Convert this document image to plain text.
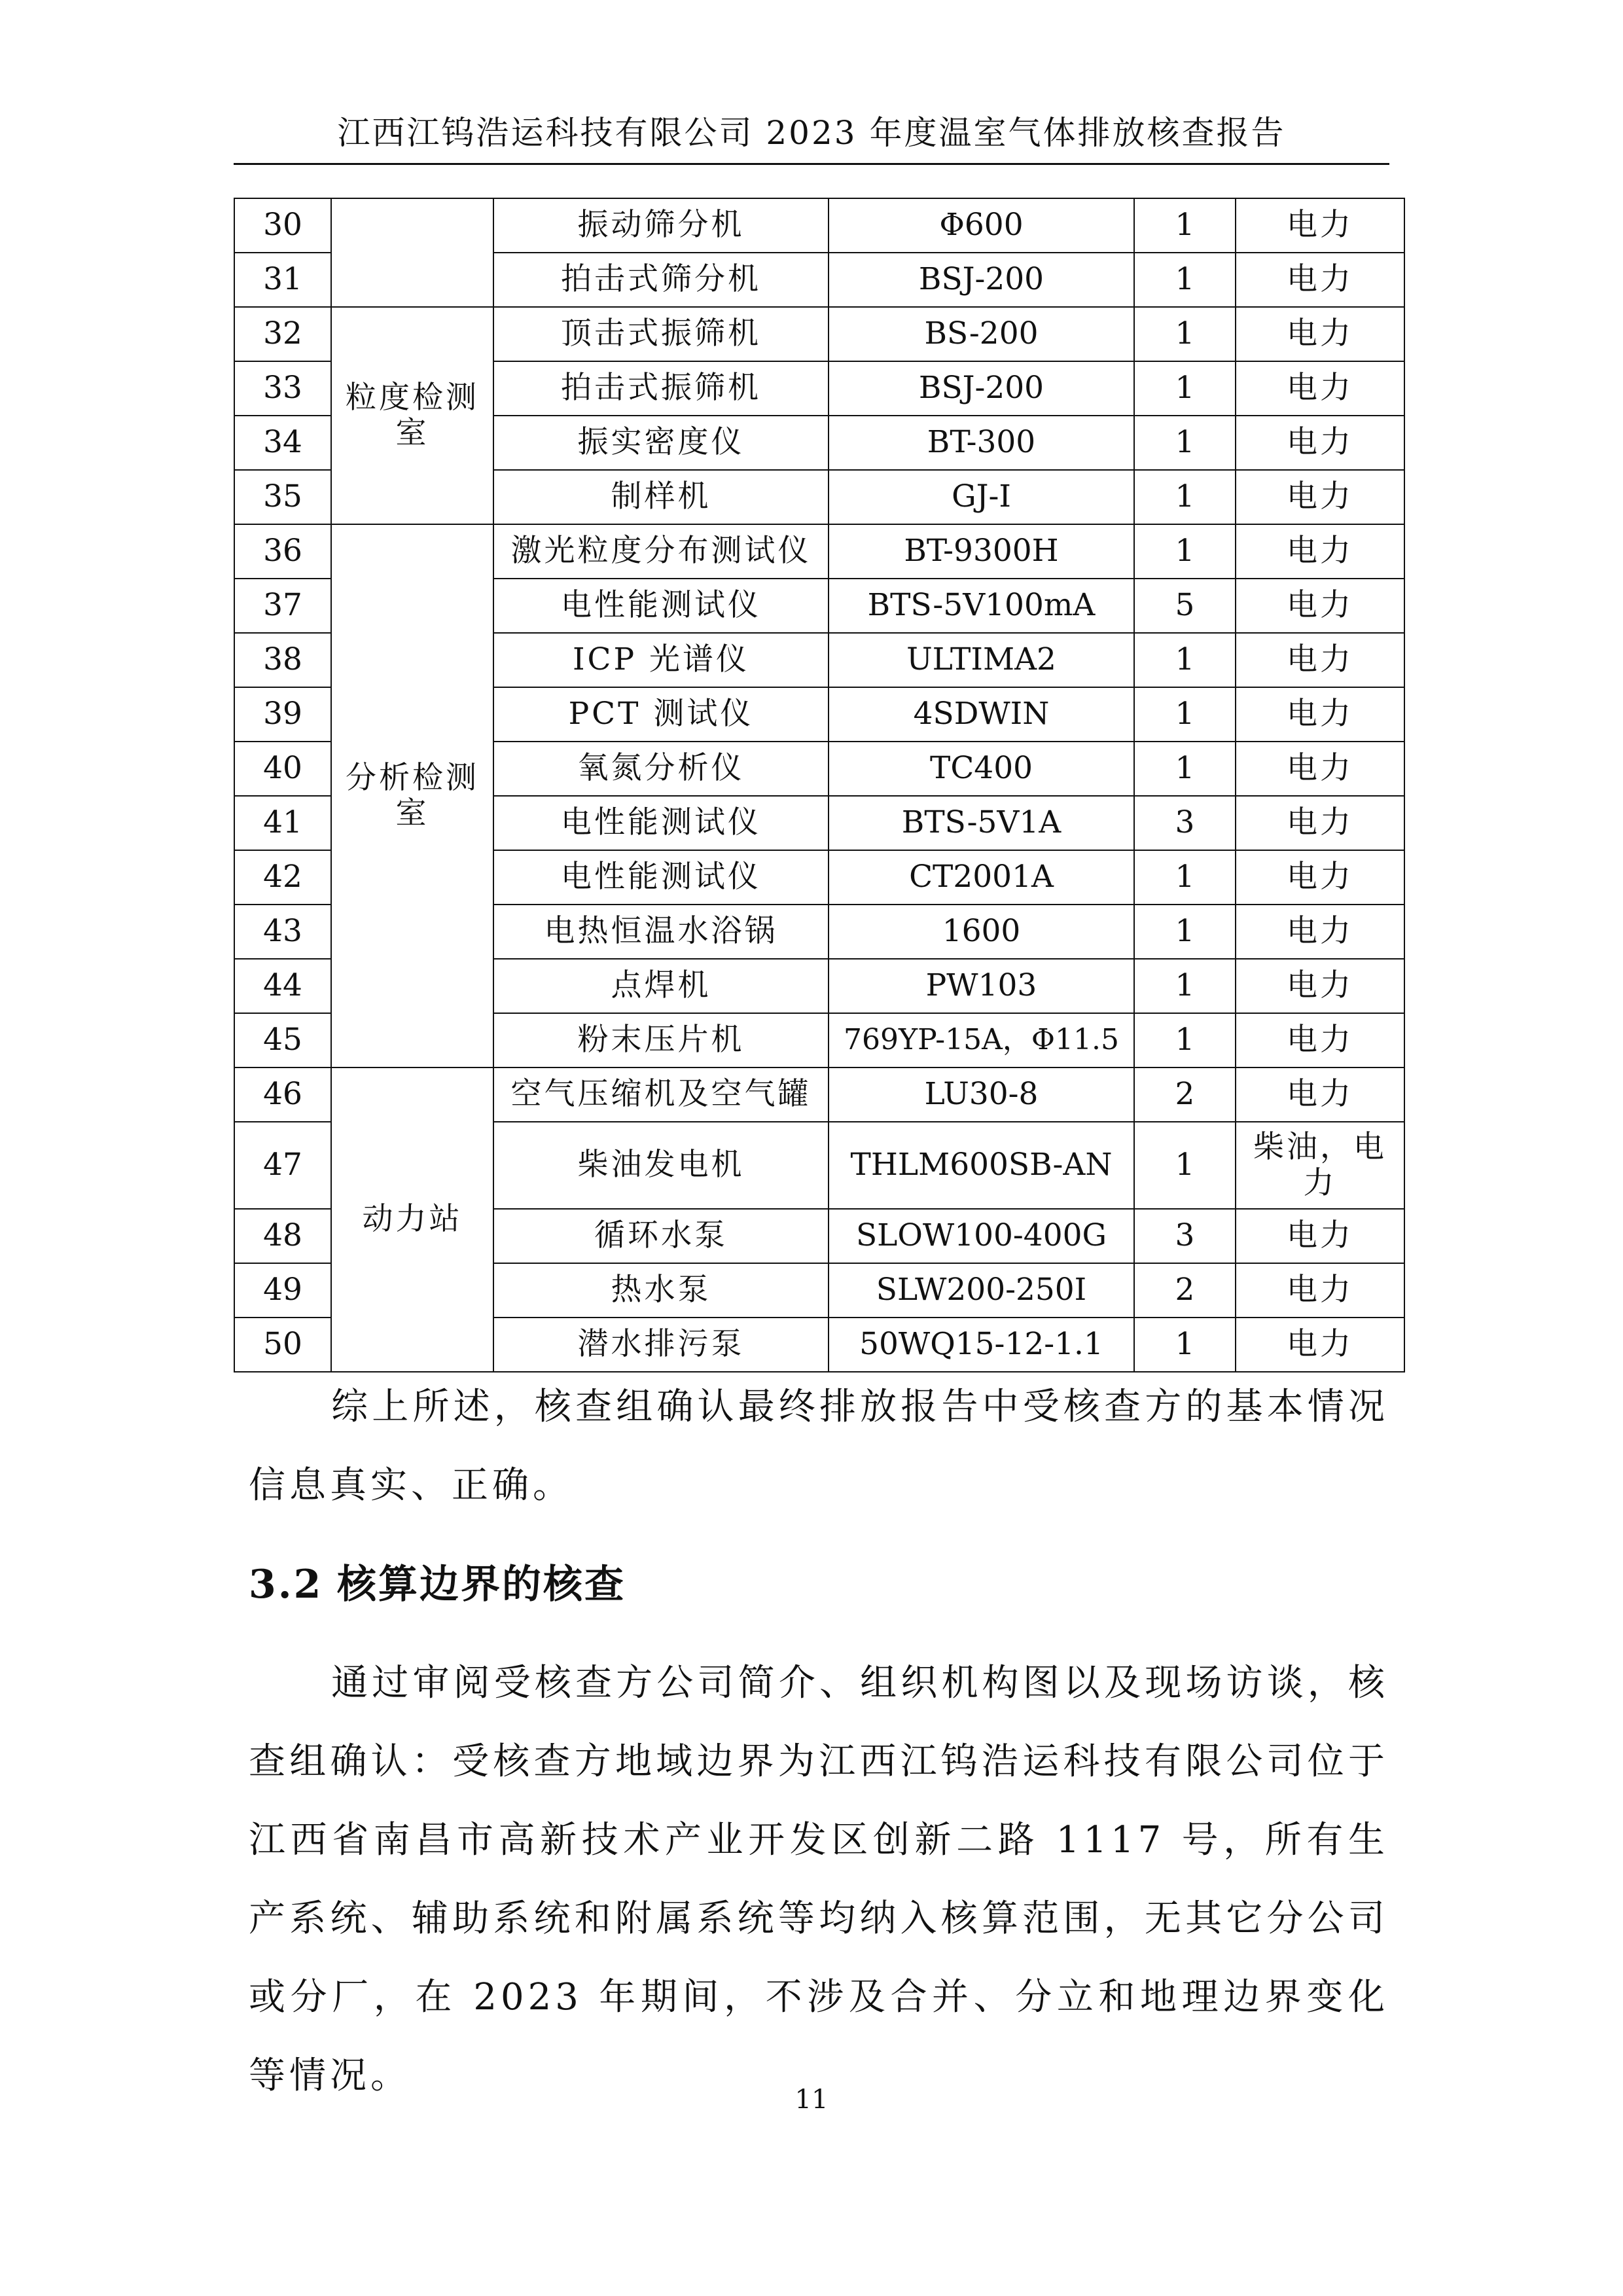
江西江钨浩运科技有限公司 2023 年度温室气体排放核查报告
30		振动筛分机	Φ600	1	电力
31		拍击式筛分机	BSJ-200	1	电力
32	粒度检测室	顶击式振筛机	BS-200	1	电力
33		拍击式振筛机	BSJ-200	1	电力
34		振实密度仪	BT-300	1	电力
35		制样机	GJ-I	1	电力
36	分析检测室	激光粒度分布测试仪	BT-9300H	1	电力
37		电性能测试仪	BTS-5V100mA	5	电力
38		ICP 光谱仪	ULTIMA2	1	电力
39		PCT 测试仪	4SDWIN	1	电力
40		氧氮分析仪	TC400	1	电力
41		电性能测试仪	BTS-5V1A	3	电力
42		电性能测试仪	CT2001A	1	电力
43		电热恒温水浴锅	1600	1	电力
44		点焊机	PW103	1	电力
45		粉末压片机	769YP-15A，Φ11.5	1	电力
46	动力站	空气压缩机及空气罐	LU30-8	2	电力
47		柴油发电机	THLM600SB-AN	1	柴油，电力
48		循环水泵	SLOW100-400G	3	电力
49		热水泵	SLW200-250I	2	电力
50		潜水排污泵	50WQ15-12-1.1	1	电力

综上所述，核查组确认最终排放报告中受核查方的基本情况信息真实、正确。

3.2 核算边界的核查

通过审阅受核查方公司简介、组织机构图以及现场访谈，核查组确认：受核查方地域边界为江西江钨浩运科技有限公司位于江西省南昌市高新技术产业开发区创新二路 1117 号，所有生产系统、辅助系统和附属系统等均纳入核算范围，无其它分公司或分厂，在 2023 年期间，不涉及合并、分立和地理边界变化等情况。

11
